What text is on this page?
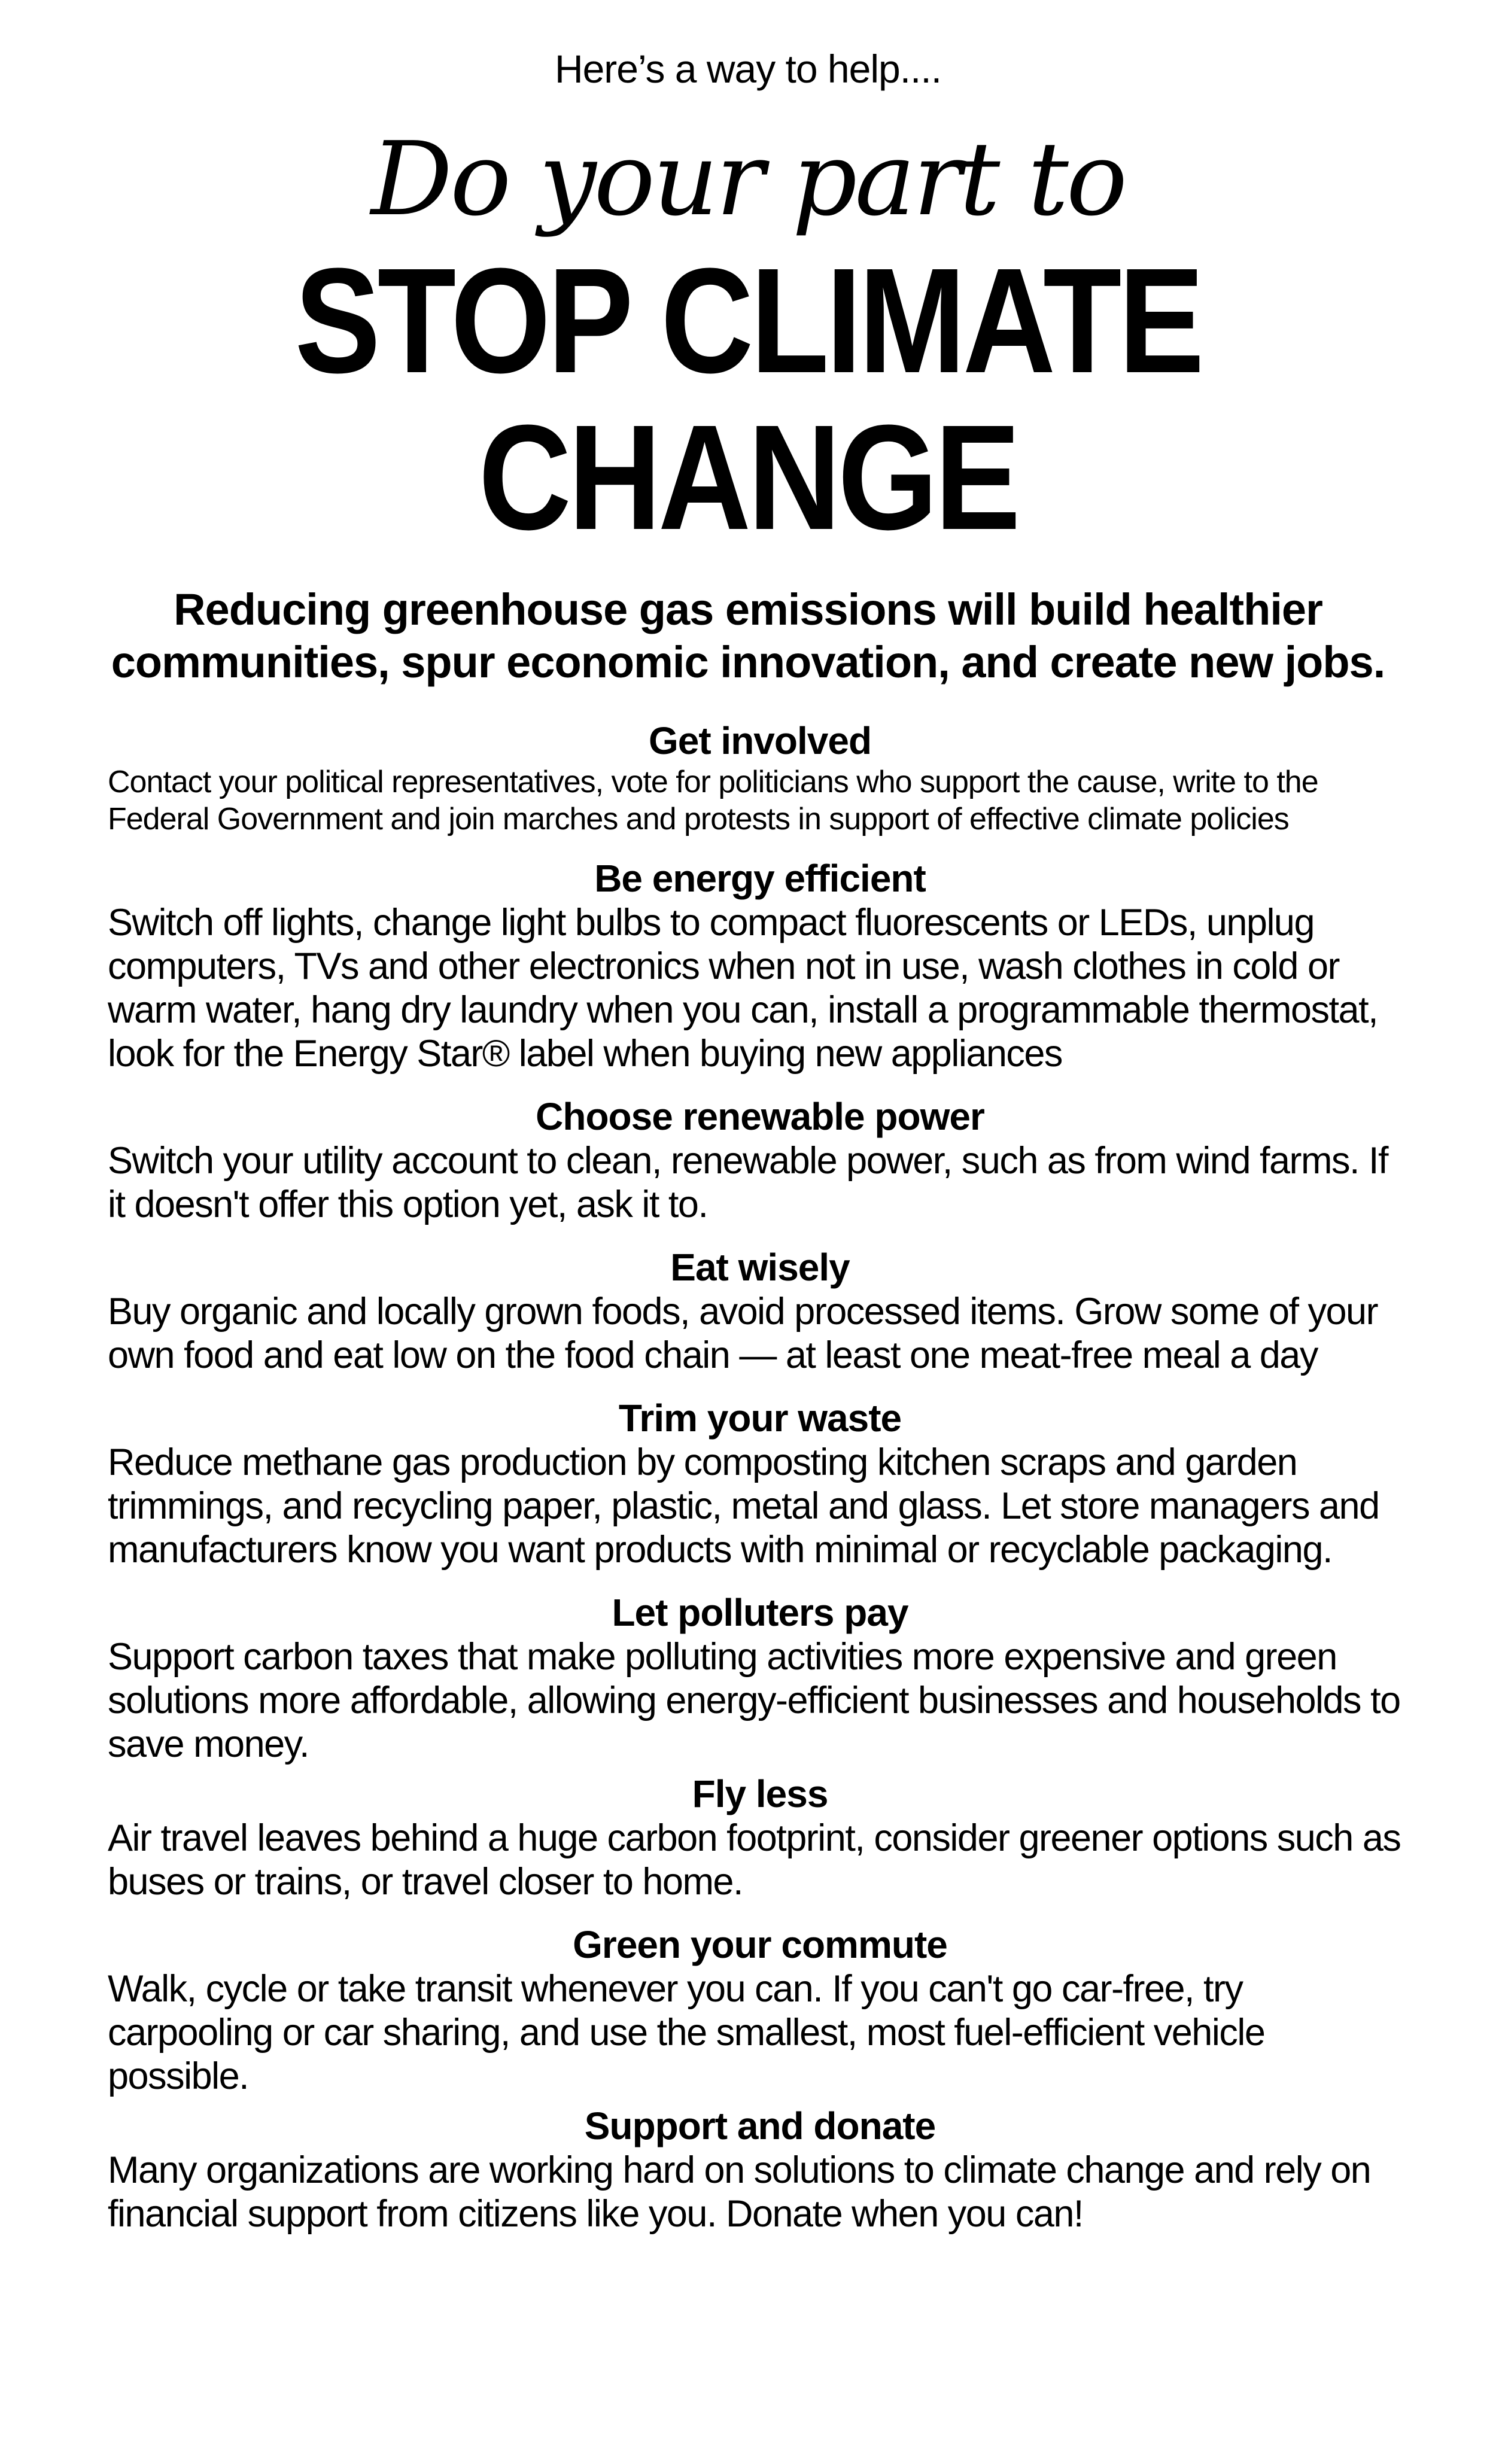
Here’s a way to help....
Do your part to
STOP CLIMATE
CHANGE
Reducing greenhouse gas emissions will build healthier communities, spur economic innovation, and create new jobs.
Get involved
Contact your political representatives, vote for politicians who support the cause, write to the Federal Government and join marches and protests in support of effective climate policies
Be energy efficient
Switch off lights, change light bulbs to compact fluorescents or LEDs, unplug computers, TVs and other electronics when not in use, wash clothes in cold or warm water, hang dry laundry when you can, install a programmable thermostat, look for the Energy Star® label when buying new appliances
Choose renewable power
Switch your utility account to clean, renewable power, such as from wind farms. If it doesn't offer this option yet, ask it to.
Eat wisely
Buy organic and locally grown foods, avoid processed items. Grow some of your own food and eat low on the food chain — at least one meat-free meal a day
Trim your waste
Reduce methane gas production by composting kitchen scraps and garden trimmings, and recycling paper, plastic, metal and glass. Let store managers and manufacturers know you want products with minimal or recyclable packaging.
Let polluters pay
Support carbon taxes that make polluting activities more expensive and green solutions more affordable, allowing energy-efficient businesses and households to save money.
Fly less
Air travel leaves behind a huge carbon footprint, consider greener options such as buses or trains, or travel closer to home.
Green your commute
Walk, cycle or take transit whenever you can. If you can't go car-free, try carpooling or car sharing, and use the smallest, most fuel-efficient vehicle possible.
Support and donate
Many organizations are working hard on solutions to climate change and rely on financial support from citizens like you. Donate when you can!
